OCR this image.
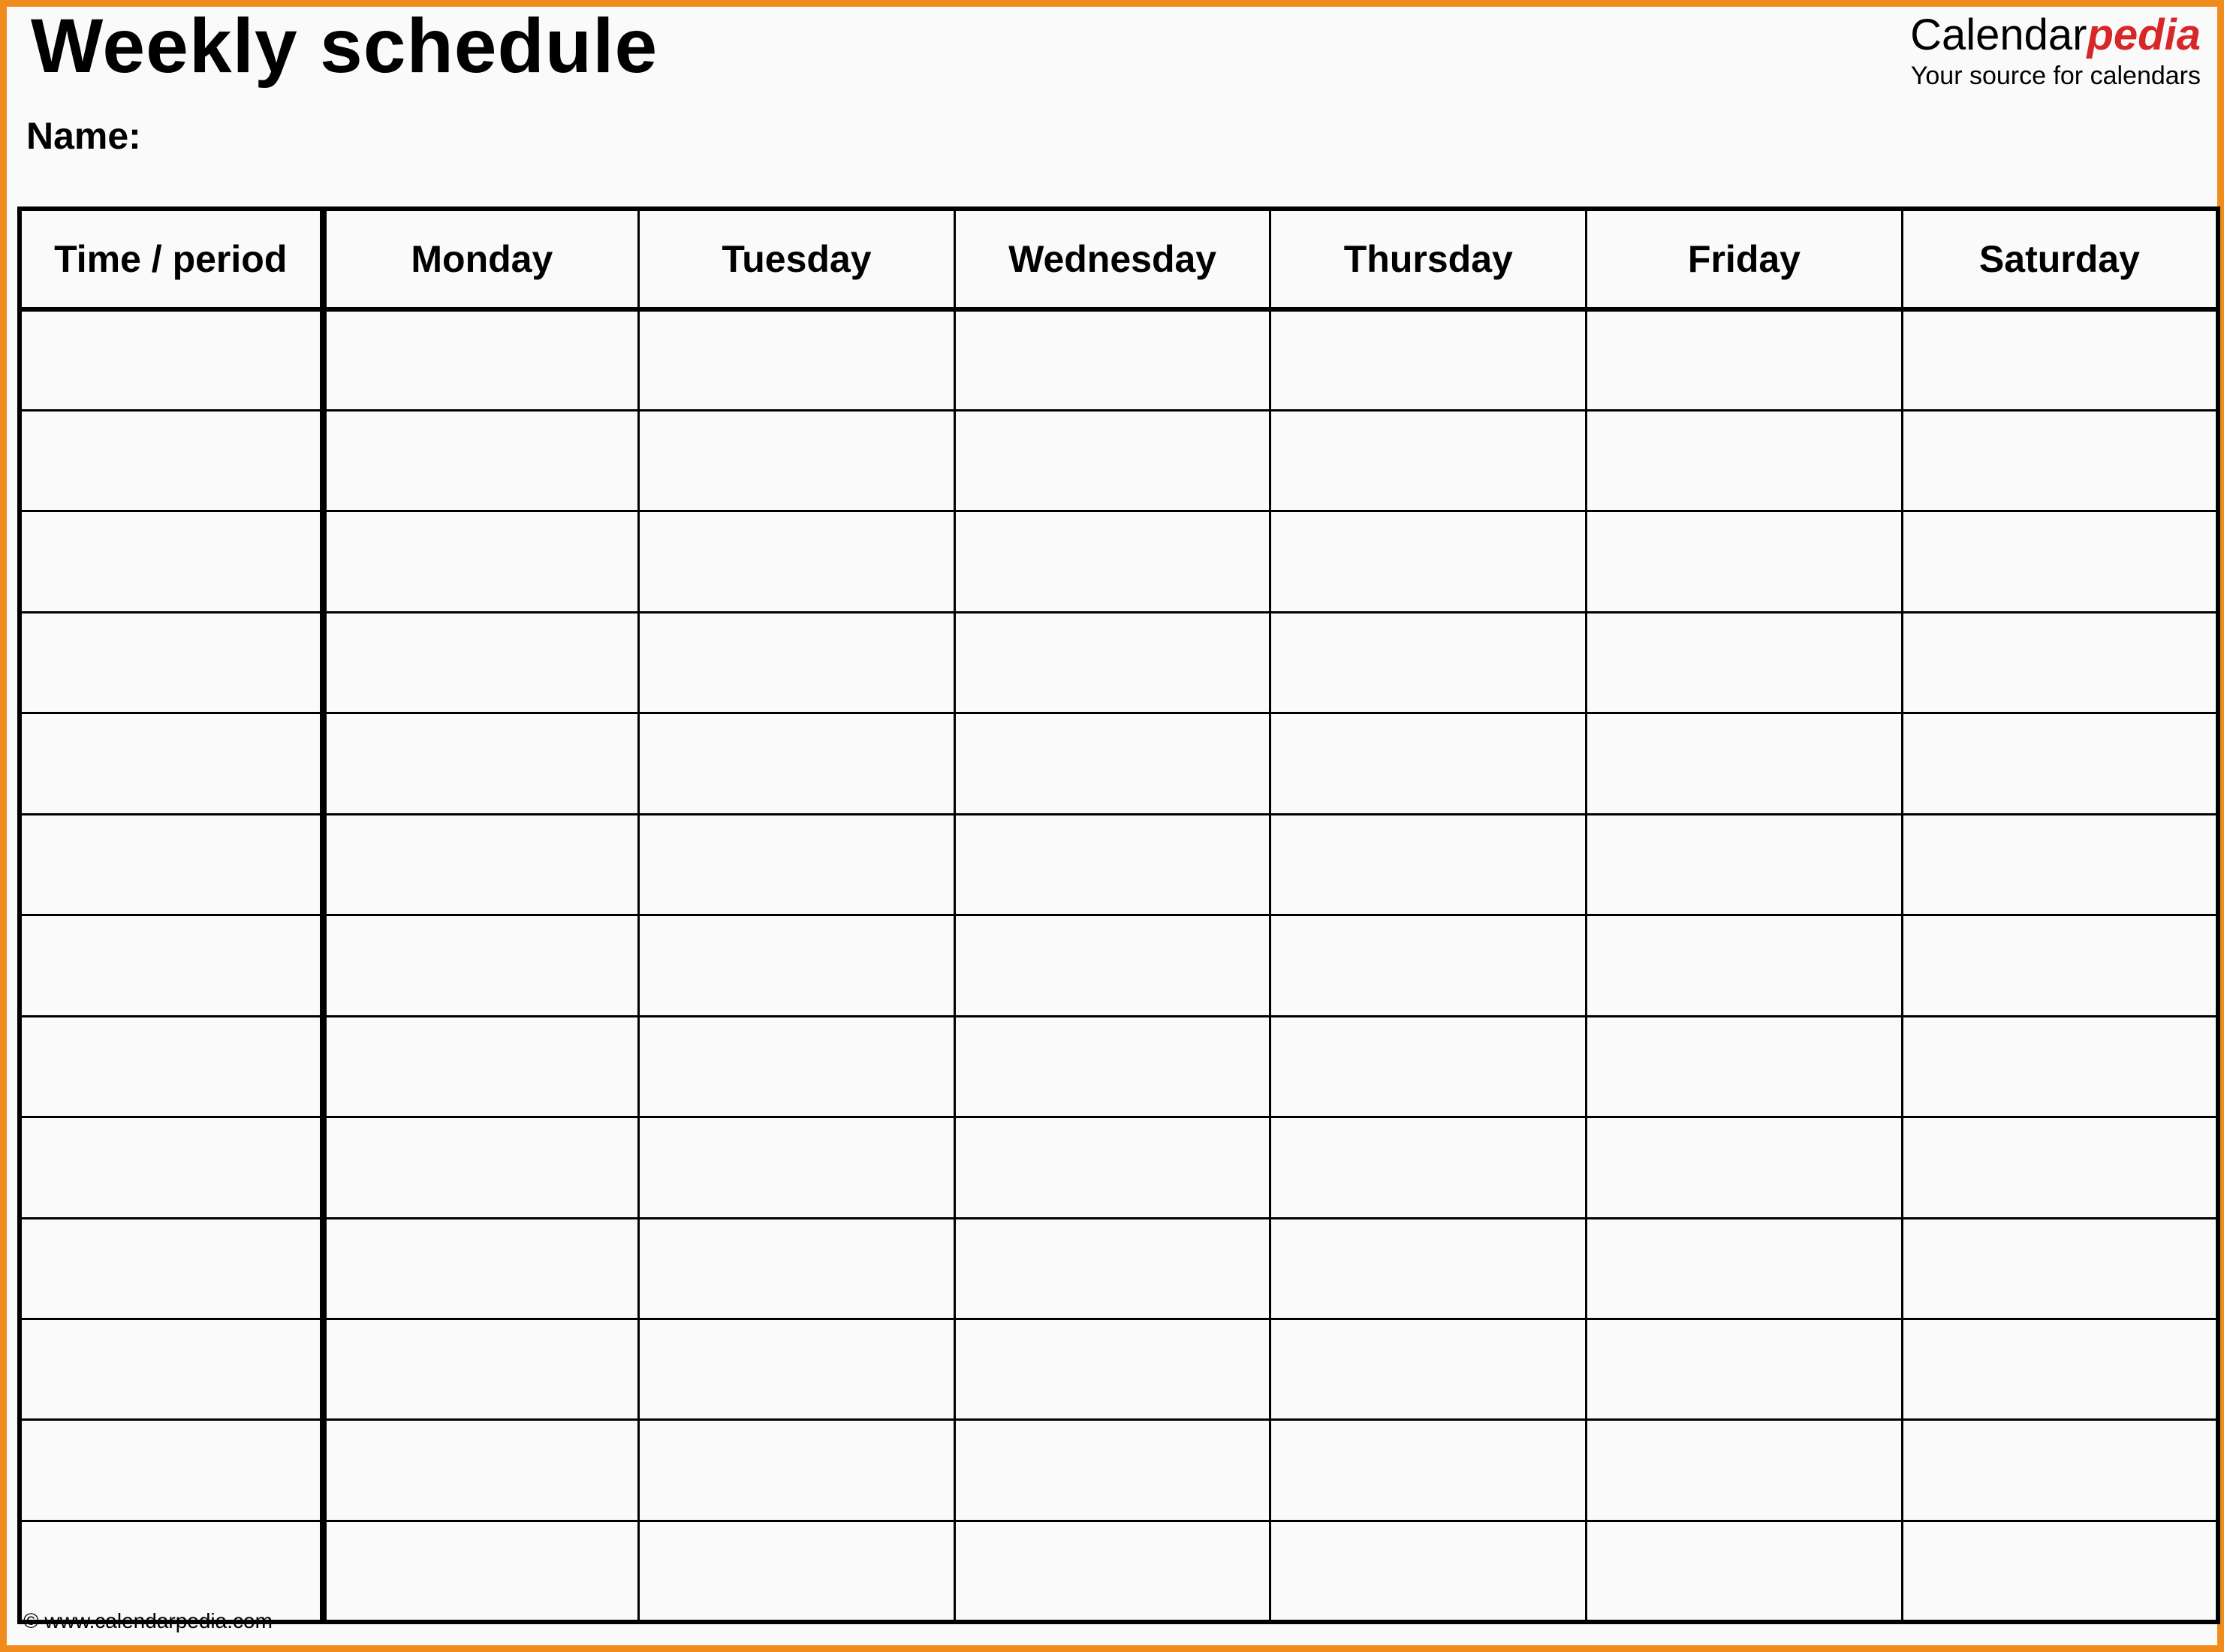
Weekly schedule
Name:
Calendarpedia
Your source for calendars
Time / period	Monday	Tuesday	Wednesday	Thursday	Friday	Saturday

© www.calendarpedia.com
